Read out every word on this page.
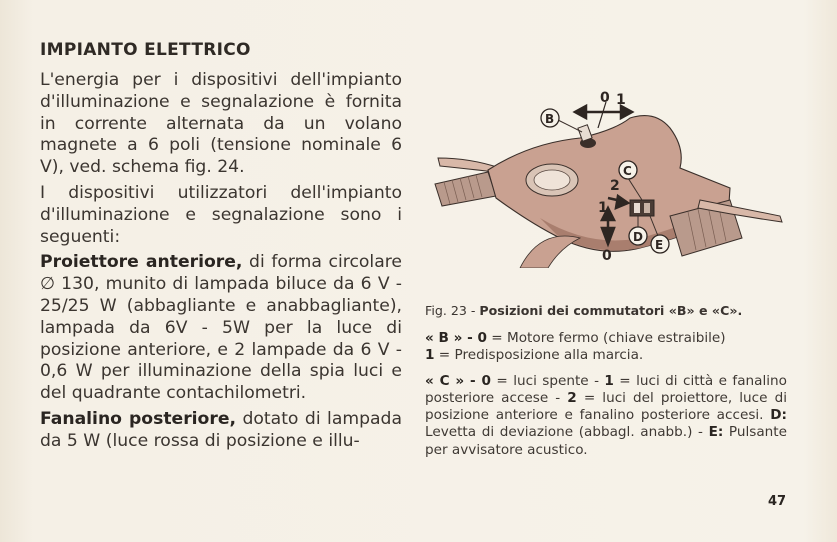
IMPIANTO ELETTRICO

L'energia per i dispositivi dell'impianto d'illuminazione e segnalazione è fornita in corrente alternata da un volano magnete a 6 poli (tensione nominale 6 V), ved. schema fig. 24.

I dispositivi utilizzatori dell'impianto d'illuminazione e segnalazione sono i seguenti:

Proiettore anteriore, di forma circolare ∅ 130, munito di lampada biluce da 6 V - 25/25 W (abbagliante e anabbagliante), lampada da 6V - 5W per la luce di posizione anteriore, e 2 lampade da 6 V - 0,6 W per illuminazione della spia luci e del quadrante contachilometri.

Fanalino posteriore, dotato di lampada da 5 W (luce rossa di posizione e illu-

0 1
B
C
2
1
0
D
E

Fig. 23 - Posizioni dei commutatori «B» e «C».

« B » - 0 = Motore fermo (chiave estraibile)
1 = Predisposizione alla marcia.

« C » - 0 = luci spente - 1 = luci di città e fanalino posteriore accese - 2 = luci del proiettore, luce di posizione anteriore e fanalino posteriore accesi. D: Levetta di deviazione (abbagl. anabb.) - E: Pulsante per avvisatore acustico.

47
